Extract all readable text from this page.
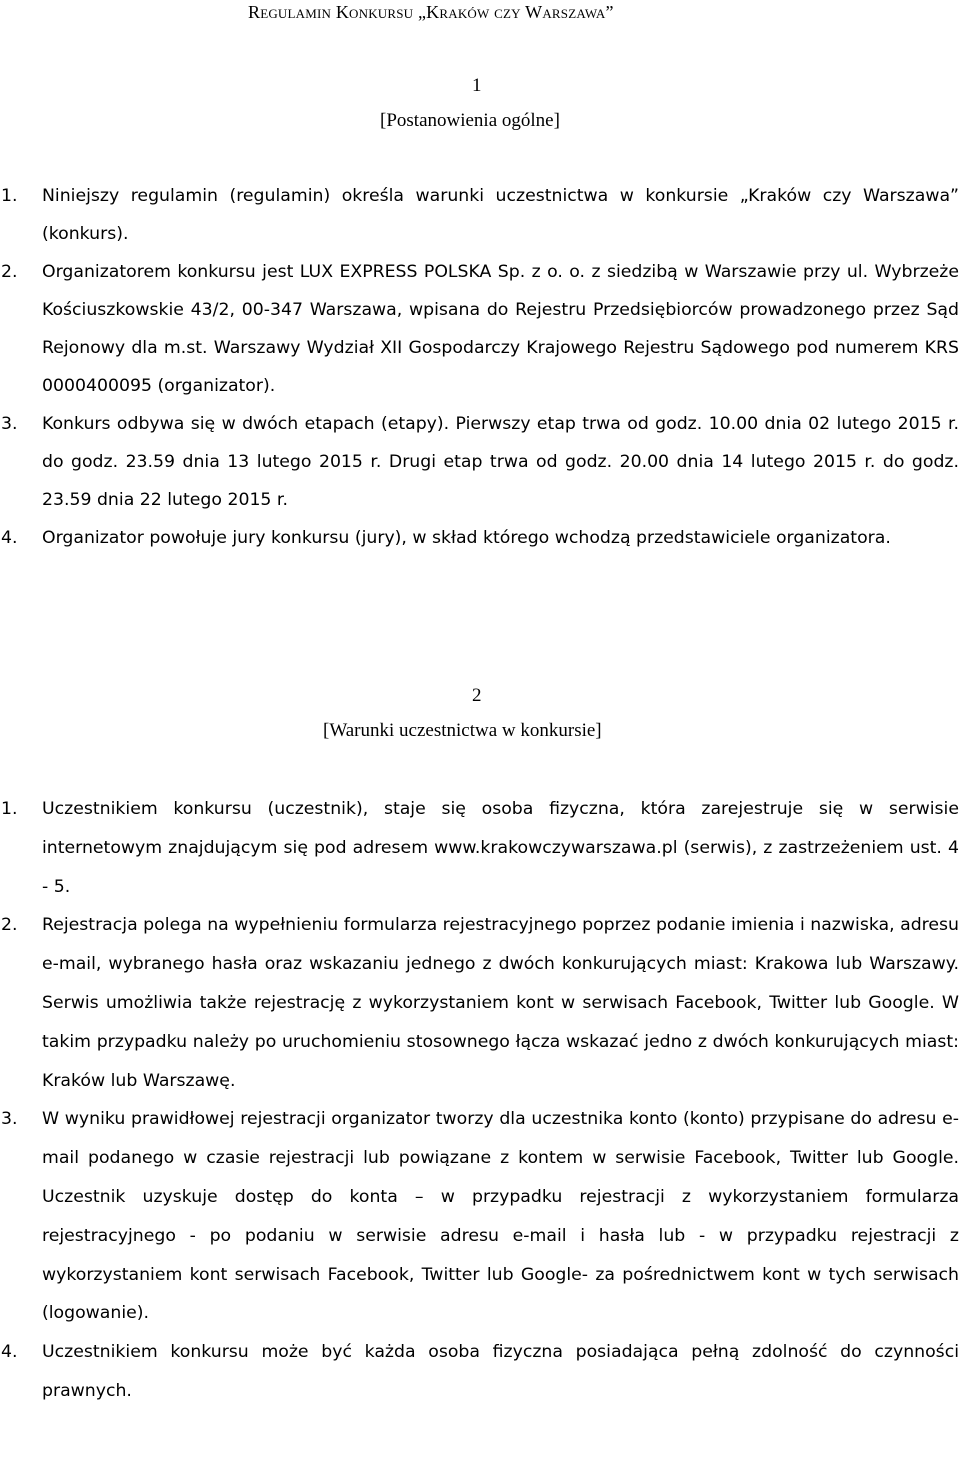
Regulamin Konkursu „Kraków czy Warszawa”
1
[Postanowienia ogólne]
1.	Niniejszy regulamin (regulamin) określa warunki uczestnictwa w konkursie „Kraków czy Warszawa” (konkurs).
2.	Organizatorem konkursu jest LUX EXPRESS POLSKA Sp. z o. o. z siedzibą w Warszawie przy ul. Wybrzeże Kościuszkowskie 43/2, 00-347 Warszawa, wpisana do Rejestru Przedsiębiorców prowadzonego przez Sąd Rejonowy dla m.st. Warszawy Wydział XII Gospodarczy Krajowego Rejestru Sądowego pod numerem KRS 0000400095 (organizator).
3.	Konkurs odbywa się w dwóch etapach (etapy). Pierwszy etap trwa od godz. 10.00 dnia 02 lutego 2015 r. do godz. 23.59 dnia 13 lutego 2015 r. Drugi etap trwa od godz. 20.00 dnia 14 lutego 2015 r. do godz. 23.59 dnia 22 lutego 2015 r.
4.	Organizator powołuje jury konkursu (jury), w skład którego wchodzą przedstawiciele organizatora.
2
[Warunki uczestnictwa w konkursie]
1.	Uczestnikiem konkursu (uczestnik), staje się osoba fizyczna, która zarejestruje się w serwisie internetowym znajdującym się pod adresem www.krakowczywarszawa.pl (serwis), z zastrzeżeniem ust. 4 - 5.
2.	Rejestracja polega na wypełnieniu formularza rejestracyjnego poprzez podanie imienia i nazwiska, adresu e-mail, wybranego hasła oraz wskazaniu jednego z dwóch konkurujących miast: Krakowa lub Warszawy. Serwis umożliwia także rejestrację z wykorzystaniem kont w serwisach Facebook, Twitter lub Google. W takim przypadku należy po uruchomieniu stosownego łącza wskazać jedno z dwóch konkurujących miast: Kraków lub Warszawę.
3.	W wyniku prawidłowej rejestracji organizator tworzy dla uczestnika konto (konto) przypisane do adresu e-mail podanego w czasie rejestracji lub powiązane z kontem w serwisie Facebook, Twitter lub Google. Uczestnik uzyskuje dostęp do konta – w przypadku rejestracji z wykorzystaniem formularza rejestracyjnego - po podaniu w serwisie adresu e-mail i hasła lub - w przypadku rejestracji z wykorzystaniem kont serwisach Facebook, Twitter lub Google- za pośrednictwem kont w tych serwisach (logowanie).
4.	Uczestnikiem konkursu może być każda osoba fizyczna posiadająca pełną zdolność do czynności prawnych.
